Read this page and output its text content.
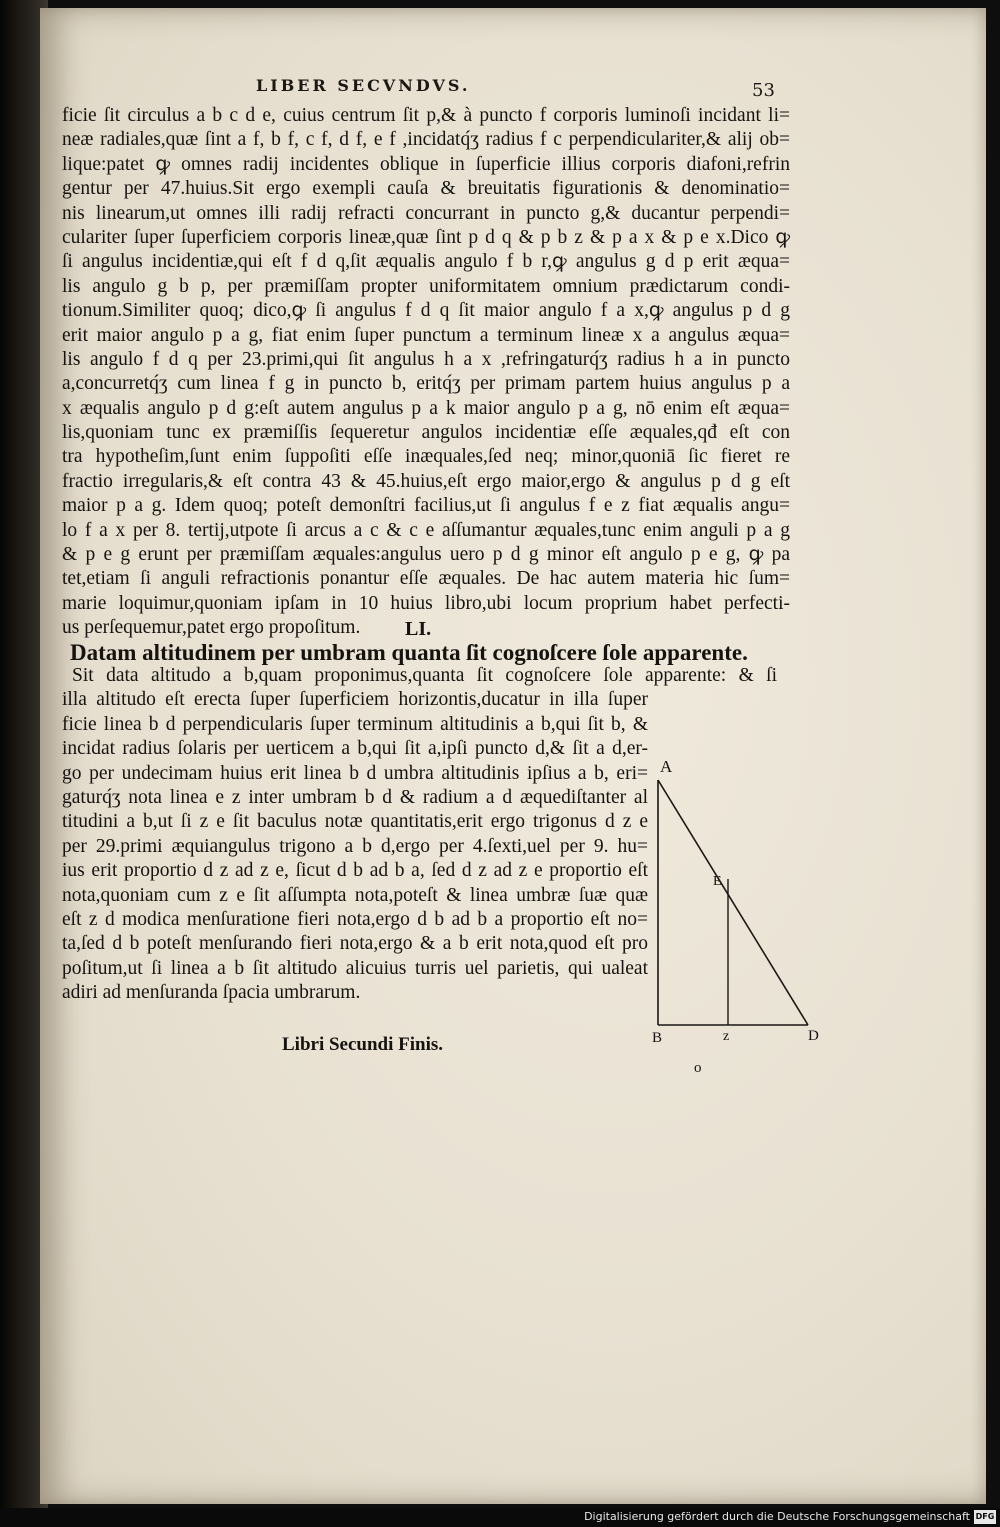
LIBER SECVNDVS.	53
ficie ſit circulus a b c d e, cuius centrum ſit p,& à puncto f corporis luminoſi incidant li=
neæ radiales,quæ ſint a f, b f, c f, d f, e f ,incidatq́ʒ radius f c perpendiculariter,& alij ob=
lique:patet ꝙ omnes radij incidentes oblique in ſuperficie illius corporis diafoni,refrin
gentur per 47.huius.Sit ergo exempli cauſa & breuitatis figurationis & denominatio=
nis linearum,ut omnes illi radij refracti concurrant in puncto g,& ducantur perpendi=
culariter ſuper ſuperficiem corporis lineæ,quæ ſint p d q & p b z & p a x & p e x.Dico ꝙ
ſi angulus incidentiæ,qui eſt f d q,ſit æqualis angulo f b r,ꝙ angulus g d p erit æqua=
lis angulo g b p, per præmiſſam propter uniformitatem omnium prædictarum condi-
tionum.Similiter quoq; dico,ꝙ ſi angulus f d q ſit maior angulo f a x,ꝙ angulus p d g
erit maior angulo p a g, fiat enim ſuper punctum a terminum lineæ x a angulus æqua=
lis angulo f d q per 23.primi,qui ſit angulus h a x ,refringaturq́ʒ radius h a in puncto
a,concurretq́ʒ cum linea f g in puncto b, eritq́ʒ per primam partem huius angulus p a
x æqualis angulo p d g:eſt autem angulus p a k maior angulo p a g, nō enim eſt æqua=
lis,quoniam tunc ex præmiſſis ſequeretur angulos incidentiæ eſſe æquales,qđ eſt con
tra hypotheſim,ſunt enim ſuppoſiti eſſe inæquales,ſed neq; minor,quoniā ſic fieret re
fractio irregularis,& eſt contra 43 & 45.huius,eſt ergo maior,ergo & angulus p d g eſt
maior p a g. Idem quoq; poteſt demonſtri facilius,ut ſi angulus f e z fiat æqualis angu=
lo f a x per 8. tertij,utpote ſi arcus a c & c e aſſumantur æquales,tunc enim anguli p a g
& p e g erunt per præmiſſam æquales:angulus uero p d g minor eſt angulo p e g, ꝙ pa
tet,etiam ſi anguli refractionis ponantur eſſe æquales. De hac autem materia hic ſum=
marie loquimur,quoniam ipſam in 10 huius libro,ubi locum proprium habet perfecti-
us perſequemur,patet ergo propoſitum.	LI.
Datam altitudinem per umbram quanta ſit cognoſcere ſole apparente.
Sit data altitudo a b,quam proponimus,quanta ſit cognoſcere ſole apparente: & ſi
illa altitudo eſt erecta ſuper ſuperficiem horizontis,ducatur in illa ſuper
ficie linea b d perpendicularis ſuper terminum altitudinis a b,qui ſit b, &
incidat radius ſolaris per uerticem a b,qui ſit a,ipſi puncto d,& ſit a d,er-
go per undecimam huius erit linea b d umbra altitudinis ipſius a b, eri=
gaturq́ʒ nota linea e z inter umbram b d & radium a d æquediſtanter al
titudini a b,ut ſi z e ſit baculus notæ quantitatis,erit ergo trigonus d z e
per 29.primi æquiangulus trigono a b d,ergo per 4.ſexti,uel per 9. hu=
ius erit proportio d z ad z e, ſicut d b ad b a, ſed d z ad z e proportio eſt
nota,quoniam cum z e ſit aſſumpta nota,poteſt & linea umbræ ſuæ quæ
eſt z d modica menſuratione fieri nota,ergo d b ad b a proportio eſt no=
ta,ſed d b poteſt menſurando fieri nota,ergo & a b erit nota,quod eſt pro
poſitum,ut ſi linea a b ſit altitudo alicuius turris uel parietis, qui ualeat
adiri ad menſuranda ſpacia umbrarum.
A
E
B	z	D
o
Libri Secundi Finis.
Digitalisierung gefördert durch die Deutsche Forschungsgemeinschaft DFG
